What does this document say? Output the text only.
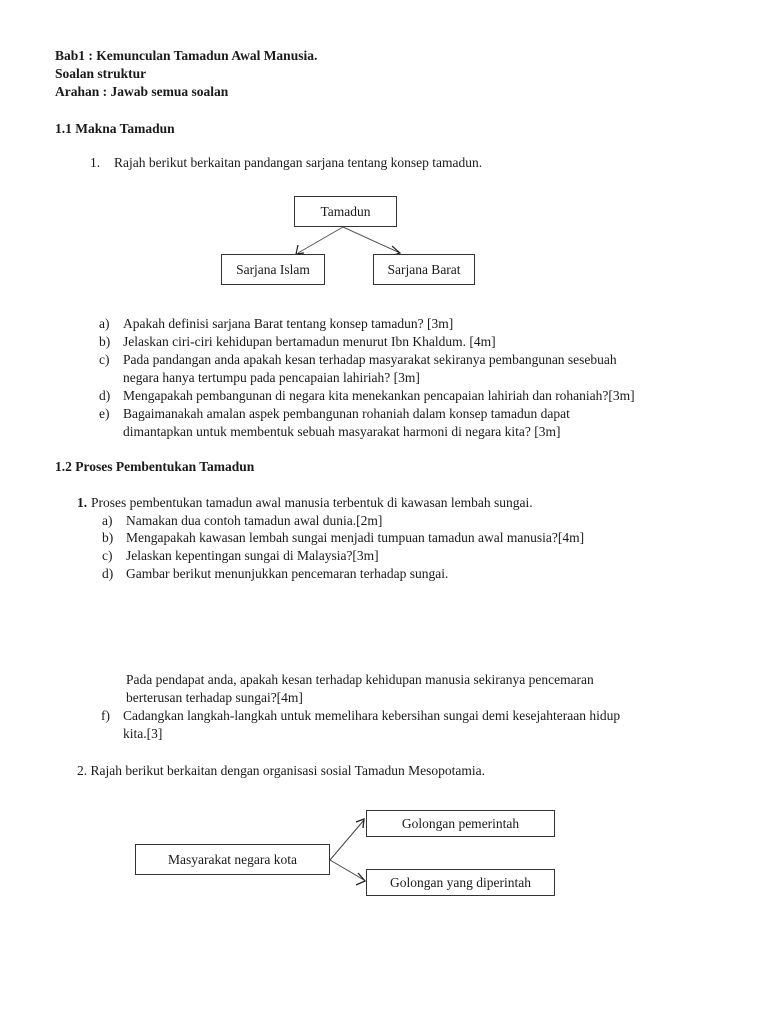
Bab1 : Kemunculan Tamadun Awal Manusia.
Soalan struktur
Arahan : Jawab semua soalan
1.1 Makna Tamadun
1. Rajah berikut berkaitan pandangan sarjana tentang konsep tamadun.
Tamadun
Sarjana Islam	Sarjana Barat
a) Apakah definisi sarjana Barat tentang konsep tamadun? [3m]
b) Jelaskan ciri-ciri kehidupan bertamadun menurut Ibn Khaldum. [4m]
c) Pada pandangan anda apakah kesan terhadap masyarakat sekiranya pembangunan sesebuah
negara hanya tertumpu pada pencapaian lahiriah? [3m]
d) Mengapakah pembangunan di negara kita menekankan pencapaian lahiriah dan rohaniah?[3m]
e) Bagaimanakah amalan aspek pembangunan rohaniah dalam konsep tamadun dapat
dimantapkan untuk membentuk sebuah masyarakat harmoni di negara kita? [3m]
1.2 Proses Pembentukan Tamadun
1. Proses pembentukan tamadun awal manusia terbentuk di kawasan lembah sungai.
a) Namakan dua contoh tamadun awal dunia.[2m]
b) Mengapakah kawasan lembah sungai menjadi tumpuan tamadun awal manusia?[4m]
c) Jelaskan kepentingan sungai di Malaysia?[3m]
d) Gambar berikut menunjukkan pencemaran terhadap sungai.
Pada pendapat anda, apakah kesan terhadap kehidupan manusia sekiranya pencemaran
berterusan terhadap sungai?[4m]
f) Cadangkan langkah-langkah untuk memelihara kebersihan sungai demi kesejahteraan hidup
kita.[3]
2. Rajah berikut berkaitan dengan organisasi sosial Tamadun Mesopotamia.
Masyarakat negara kota
Golongan pemerintah
Golongan yang diperintah
